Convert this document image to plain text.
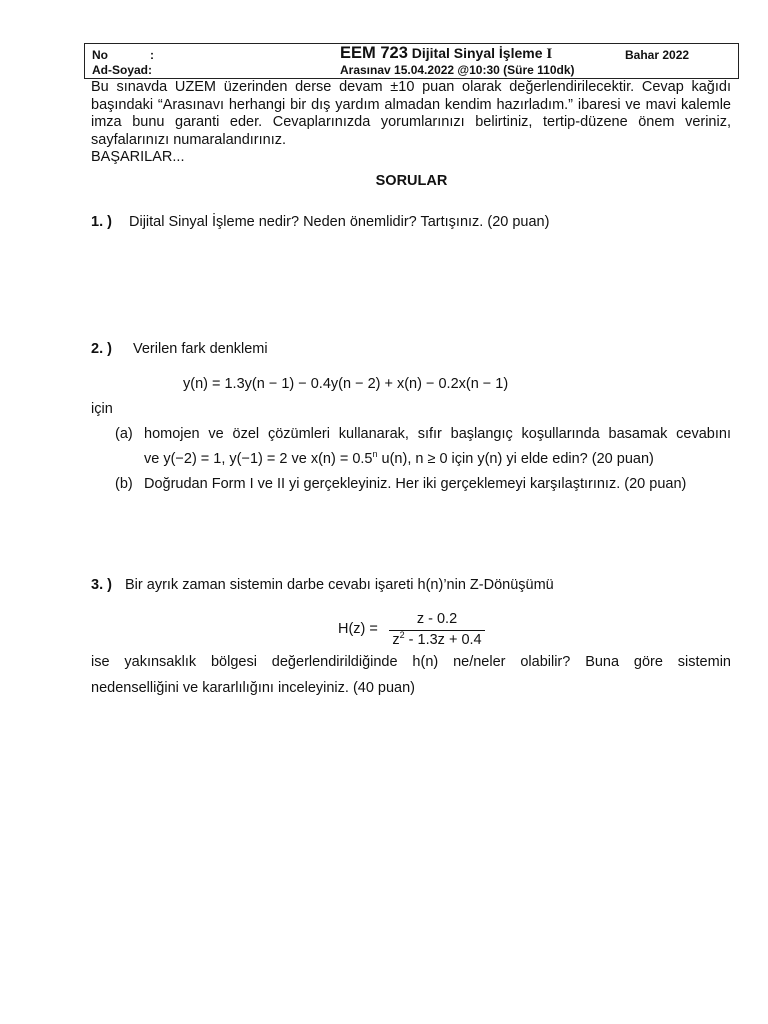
No	:
Ad-Soyad:
EEM 723 Dijital Sinyal İşleme I	Bahar 2022
Arasınav 15.04.2022 @10:30 (Süre 110dk)
Bu sınavda UZEM üzerinden derse devam ±10 puan olarak değerlendirilecektir. Cevap kağıdı başındaki “Arasınavı herhangi bir dış yardım almadan kendim hazırladım.” ibaresi ve mavi kalemle imza bunu garanti eder. Cevaplarınızda yorumlarınızı belirtiniz, tertip-düzene önem veriniz, sayfalarınızı numaralandırınız.
BAŞARILAR...
SORULAR
1. ) Dijital Sinyal İşleme nedir? Neden önemlidir? Tartışınız. (20 puan)
2. ) Verilen fark denklemi
y(n) = 1.3y(n − 1) − 0.4y(n − 2) + x(n) − 0.2x(n − 1)
için
(a) homojen ve özel çözümleri kullanarak, sıfır başlangıç koşullarında basamak cevabını
ve y(−2) = 1, y(−1) = 2 ve $x(n) = 0.5^n$ u(n), n ≥ 0 için y(n) yi elde edin? (20 puan)
(b) Doğrudan Form I ve II yi gerçekleyiniz. Her iki gerçeklemeyi karşılaştırınız. (20 puan)
3. ) Bir ayrık zaman sistemin darbe cevabı işareti h(n)’nin Z-Dönüşümü
H(z) =
z - 0.2
$z^2 - 1.3z + 0.4$
ise yakınsaklık bölgesi değerlendirildiğinde h(n) ne/neler olabilir? Buna göre sistemin
nedenselliğini ve kararlılığını inceleyiniz. (40 puan)
